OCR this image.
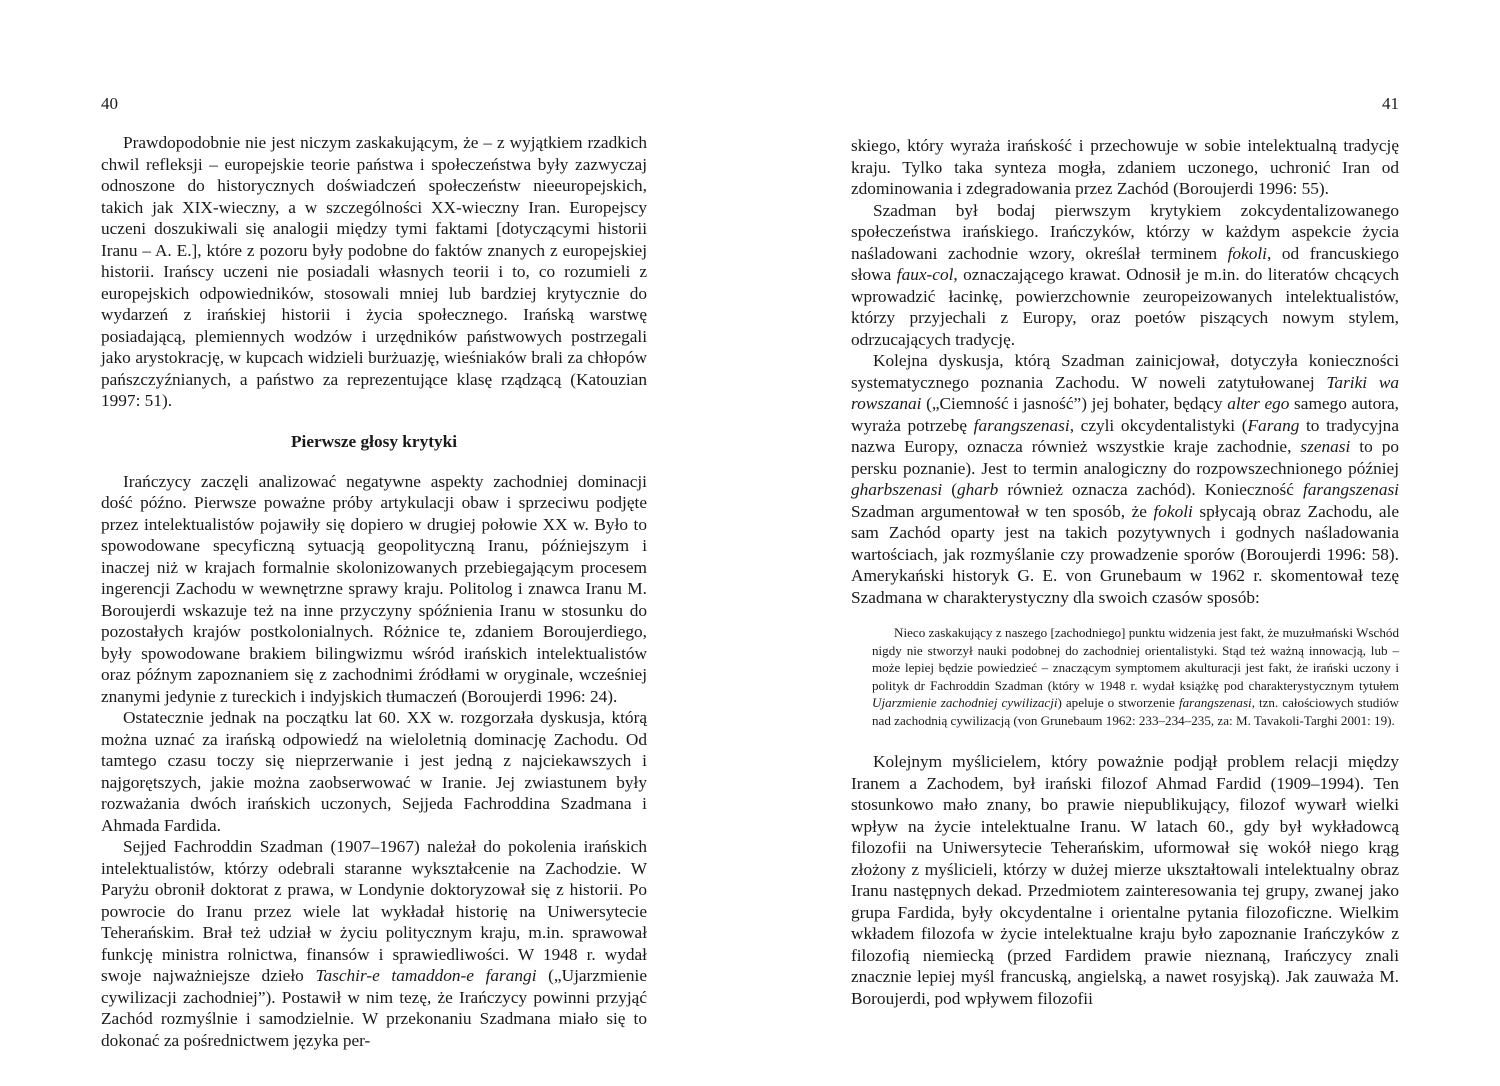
40

Prawdopodobnie nie jest niczym zaskakującym, że – z wyjątkiem rzadkich chwil refleksji – europejskie teorie państwa i społeczeństwa były zazwyczaj odnoszone do historycznych doświadczeń społeczeństw nieeuropejskich, takich jak XIX-wieczny, a w szczególności XX-wieczny Iran. Europejscy uczeni doszukiwali się analogii między tymi faktami [dotyczącymi historii Iranu – A. E.], które z pozoru były podobne do faktów znanych z europejskiej historii. Irańscy uczeni nie posiadali własnych teorii i to, co rozumieli z europejskich odpowiedników, stosowali mniej lub bardziej krytycznie do wydarzeń z irańskiej historii i życia społecznego. Irańską warstwę posiadającą, plemiennych wodzów i urzędników państwowych postrzegali jako arystokrację, w kupcach widzieli burżuazję, wieśniaków brali za chłopów pańszczyźnianych, a państwo za reprezentujące klasę rządzącą (Katouzian 1997: 51).

Pierwsze głosy krytyki

Irańczycy zaczęli analizować negatywne aspekty zachodniej dominacji dość późno. Pierwsze poważne próby artykulacji obaw i sprzeciwu podjęte przez intelektualistów pojawiły się dopiero w drugiej połowie XX w. Było to spowodowane specyficzną sytuacją geopolityczną Iranu, późniejszym i inaczej niż w krajach formalnie skolonizowanych przebiegającym procesem ingerencji Zachodu w wewnętrzne sprawy kraju. Politolog i znawca Iranu M. Boroujerdi wskazuje też na inne przyczyny spóźnienia Iranu w stosunku do pozostałych krajów postkolonialnych. Różnice te, zdaniem Boroujerdiego, były spowodowane brakiem bilingwizmu wśród irańskich intelektualistów oraz późnym zapoznaniem się z zachodnimi źródłami w oryginale, wcześniej znanymi jedynie z tureckich i indyjskich tłumaczeń (Boroujerdi 1996: 24).

Ostatecznie jednak na początku lat 60. XX w. rozgorzała dyskusja, którą można uznać za irańską odpowiedź na wieloletnią dominację Zachodu. Od tamtego czasu toczy się nieprzerwanie i jest jedną z najciekawszych i najgorętszych, jakie można zaobserwować w Iranie. Jej zwiastunem były rozważania dwóch irańskich uczonych, Sejjeda Fachroddina Szadmana i Ahmada Fardida.

Sejjed Fachroddin Szadman (1907–1967) należał do pokolenia irańskich intelektualistów, którzy odebrali staranne wykształcenie na Zachodzie. W Paryżu obronił doktorat z prawa, w Londynie doktoryzował się z historii. Po powrocie do Iranu przez wiele lat wykładał historię na Uniwersytecie Teherańskim. Brał też udział w życiu politycznym kraju, m.in. sprawował funkcję ministra rolnictwa, finansów i sprawiedliwości. W 1948 r. wydał swoje najważniejsze dzieło Taschir-e tamaddon-e farangi („Ujarzmienie cywilizacji zachodniej”). Postawił w nim tezę, że Irańczycy powinni przyjąć Zachód rozmyślnie i samodzielnie. W przekonaniu Szadmana miało się to dokonać za pośrednictwem języka per-

41

skiego, który wyraża irańskość i przechowuje w sobie intelektualną tradycję kraju. Tylko taka synteza mogła, zdaniem uczonego, uchronić Iran od zdominowania i zdegradowania przez Zachód (Boroujerdi 1996: 55).

Szadman był bodaj pierwszym krytykiem zokcydentalizowanego społeczeństwa irańskiego. Irańczyków, którzy w każdym aspekcie życia naśladowani zachodnie wzory, określał terminem fokoli, od francuskiego słowa faux-col, oznaczającego krawat. Odnosił je m.in. do literatów chcących wprowadzić łacinkę, powierzchownie zeuropeizowanych intelektualistów, którzy przyjechali z Europy, oraz poetów piszących nowym stylem, odrzucających tradycję.

Kolejna dyskusja, którą Szadman zainicjował, dotyczyła konieczności systematycznego poznania Zachodu. W noweli zatytułowanej Tariki wa rowszanai („Ciemność i jasność”) jej bohater, będący alter ego samego autora, wyraża potrzebę farangszenasi, czyli okcydentalistyki (Farang to tradycyjna nazwa Europy, oznacza również wszystkie kraje zachodnie, szenasi to po persku poznanie). Jest to termin analogiczny do rozpowszechnionego później gharbszenasi (gharb również oznacza zachód). Konieczność farangszenasi Szadman argumentował w ten sposób, że fokoli spłycają obraz Zachodu, ale sam Zachód oparty jest na takich pozytywnych i godnych naśladowania wartościach, jak rozmyślanie czy prowadzenie sporów (Boroujerdi 1996: 58). Amerykański historyk G. E. von Grunebaum w 1962 r. skomentował tezę Szadmana w charakterystyczny dla swoich czasów sposób:

Nieco zaskakujący z naszego [zachodniego] punktu widzenia jest fakt, że muzułmański Wschód nigdy nie stworzył nauki podobnej do zachodniej orientalistyki. Stąd też ważną innowacją, lub – może lepiej będzie powiedzieć – znaczącym symptomem akulturacji jest fakt, że irański uczony i polityk dr Fachroddin Szadman (który w 1948 r. wydał książkę pod charakterystycznym tytułem Ujarzmienie zachodniej cywilizacji) apeluje o stworzenie farangszenasi, tzn. całościowych studiów nad zachodnią cywilizacją (von Grunebaum 1962: 233–234–235, za: M. Tavakoli-Targhi 2001: 19).

Kolejnym myślicielem, który poważnie podjął problem relacji między Iranem a Zachodem, był irański filozof Ahmad Fardid (1909–1994). Ten stosunkowo mało znany, bo prawie niepublikujący, filozof wywarł wielki wpływ na życie intelektualne Iranu. W latach 60., gdy był wykładowcą filozofii na Uniwersytecie Teherańskim, uformował się wokół niego krąg złożony z myślicieli, którzy w dużej mierze ukształtowali intelektualny obraz Iranu następnych dekad. Przedmiotem zainteresowania tej grupy, zwanej jako grupa Fardida, były okcydentalne i orientalne pytania filozoficzne. Wielkim wkładem filozofa w życie intelektualne kraju było zapoznanie Irańczyków z filozofią niemiecką (przed Fardidem prawie nieznaną, Irańczycy znali znacznie lepiej myśl francuską, angielską, a nawet rosyjską). Jak zauważa M. Boroujerdi, pod wpływem filozofii
